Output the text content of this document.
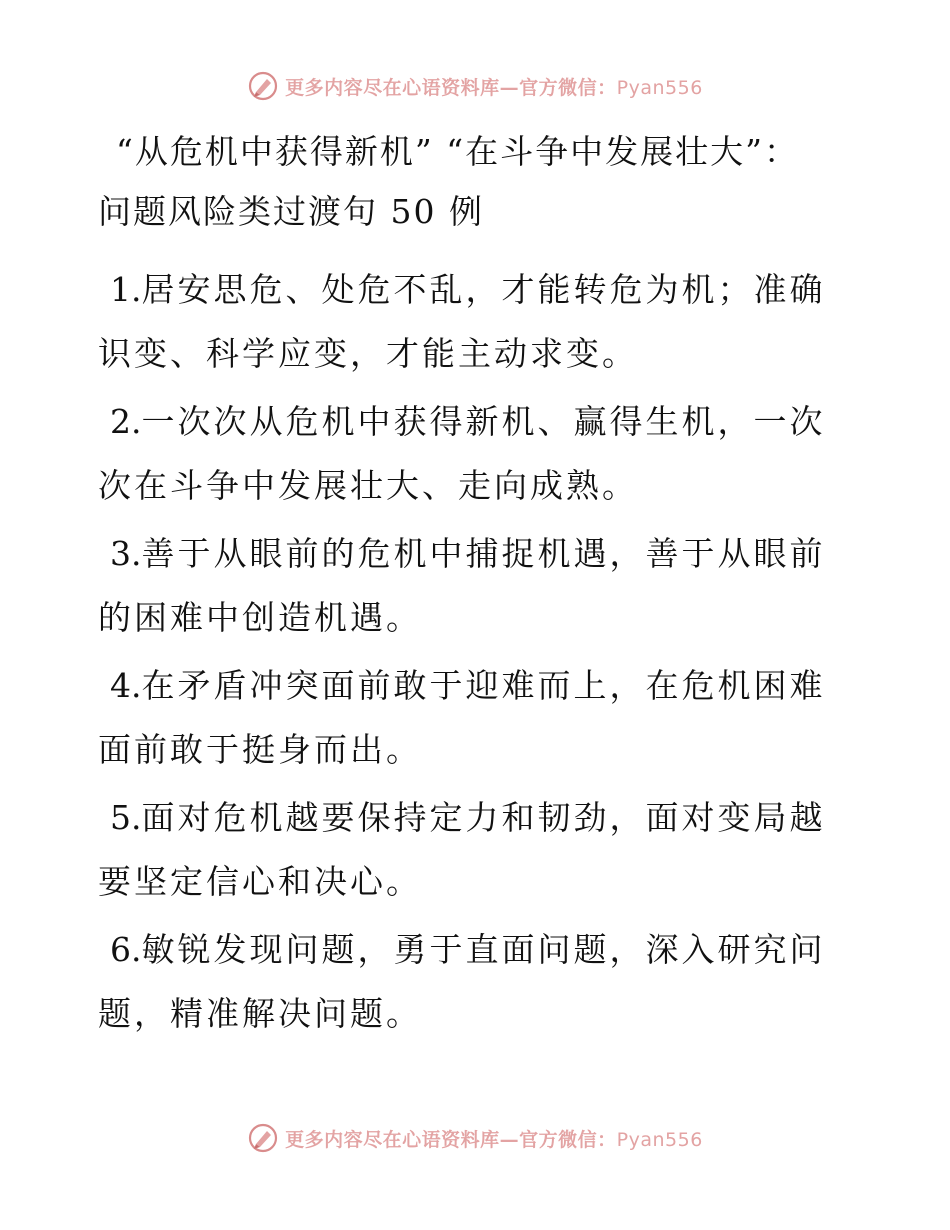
更多内容尽在心语资料库—官方微信：Pyan556
“从危机中获得新机” “在斗争中发展壮大”：
问题风险类过渡句 50 例

1.居安思危、处危不乱，才能转危为机；准确识变、科学应变，才能主动求变。

2.一次次从危机中获得新机、赢得生机，一次次在斗争中发展壮大、走向成熟。

3.善于从眼前的危机中捕捉机遇，善于从眼前的困难中创造机遇。

4.在矛盾冲突面前敢于迎难而上，在危机困难面前敢于挺身而出。

5.面对危机越要保持定力和韧劲，面对变局越要坚定信心和决心。

6.敏锐发现问题，勇于直面问题，深入研究问题，精准解决问题。

更多内容尽在心语资料库—官方微信：Pyan556
